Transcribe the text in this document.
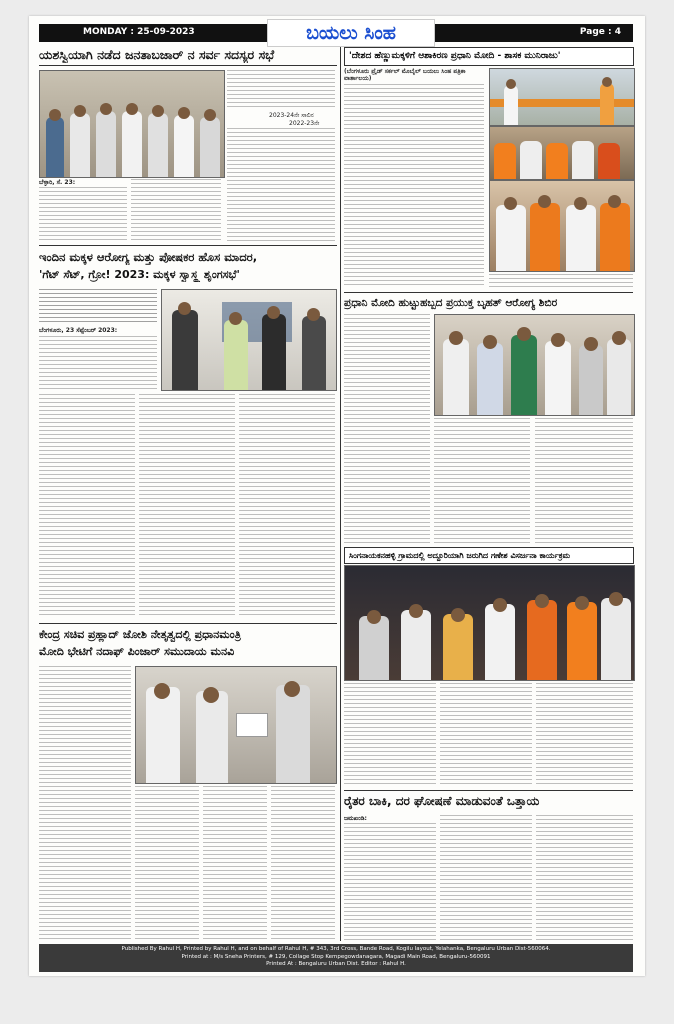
MONDAY : 25-09-2023	ಬಯಲು ಸಿಂಹ	Page : 4
ಯಶಸ್ವಿಯಾಗಿ ನಡೆದ ಜನತಾಬಜಾರ್ ನ ಸರ್ವ ಸದಸ್ಯರ ಸಭೆ
ಬೆಳ್ಳಾರಿ, ಸೆ. 23:
2023-24ನೇ ಸಾಲಿನ
2022-23ನೇ
ಇಂದಿನ ಮಕ್ಕಳ ಆರೋಗ್ಯ ಮತ್ತು ಪೋಷಕರ ಹೊಸ ಮಾದರ,
'ಗೆಟ್ ಸೆಟ್, ಗ್ರೋ! 2023: ಮಕ್ಕಳ ಸ್ವಾಸ್ಥ್ಯ ಶೃಂಗಸಭೆ'
ಬೆಂಗಳೂರು, 23 ಸೆಪ್ಟೆಂಬರ್ 2023:
ಕೇಂದ್ರ ಸಚಿವ ಪ್ರಹ್ಲಾದ್ ಜೋಶಿ ನೇತೃತ್ವದಲ್ಲಿ ಪ್ರಧಾನಮಂತ್ರಿ
ಮೋದಿ ಭೇಟಿಗೆ ನದಾಫ್ ಪಿಂಜಾರ್ ಸಮುದಾಯ ಮನವಿ
'ದೇಶದ ಹೆಣ್ಣುಮಕ್ಕಳಿಗೆ ಆಶಾಕಿರಣ ಪ್ರಧಾನಿ ಮೋದಿ - ಶಾಸಕ ಮುನಿರಾಜು'
(ಬೆಂಗಳೂರು ಪ್ರೈಡ್ ಸರ್ಕಲ್ ಮೊಬೈಲ್ ಬಯಲು ಸಿಂಹ ಪತ್ರಿಕಾ ವಾರ್ತಾಲಯ)
ಪ್ರಧಾನಿ ಮೋದಿ ಹುಟ್ಟುಹಬ್ಬದ ಪ್ರಯುಕ್ತ ಬೃಹತ್ ಆರೋಗ್ಯ ಶಿಬಿರ
ಸಿಂಗನಾಯಕನಹಳ್ಳಿ ಗ್ರಾಮದಲ್ಲಿ ಅದ್ದೂರಿಯಾಗಿ ಜರುಗಿದ ಗಣೇಶ ವಿಸರ್ಜನಾ ಕಾರ್ಯಕ್ರಮ
ರೈತರ ಬಾಕಿ, ದರ ಘೋಷಣೆ ಮಾಡುವಂತೆ ಒತ್ತಾಯ
ಜಮಖಂಡಿ:
Published By Rahul H, Printed by Rahul H, and on behalf of Rahul H, # 343, 3rd Cross, Bande Road, Kogilu layout, Yelahanka, Bengaluru Urban Dist-560064.
Printed at : M/s Sneha Printers, # 129, Collage Stop Kempegowdanagara, Magadi Main Road, Bengaluru-560091
Printed At : Bengaluru Urban Dist. Editor : Rahul H.
